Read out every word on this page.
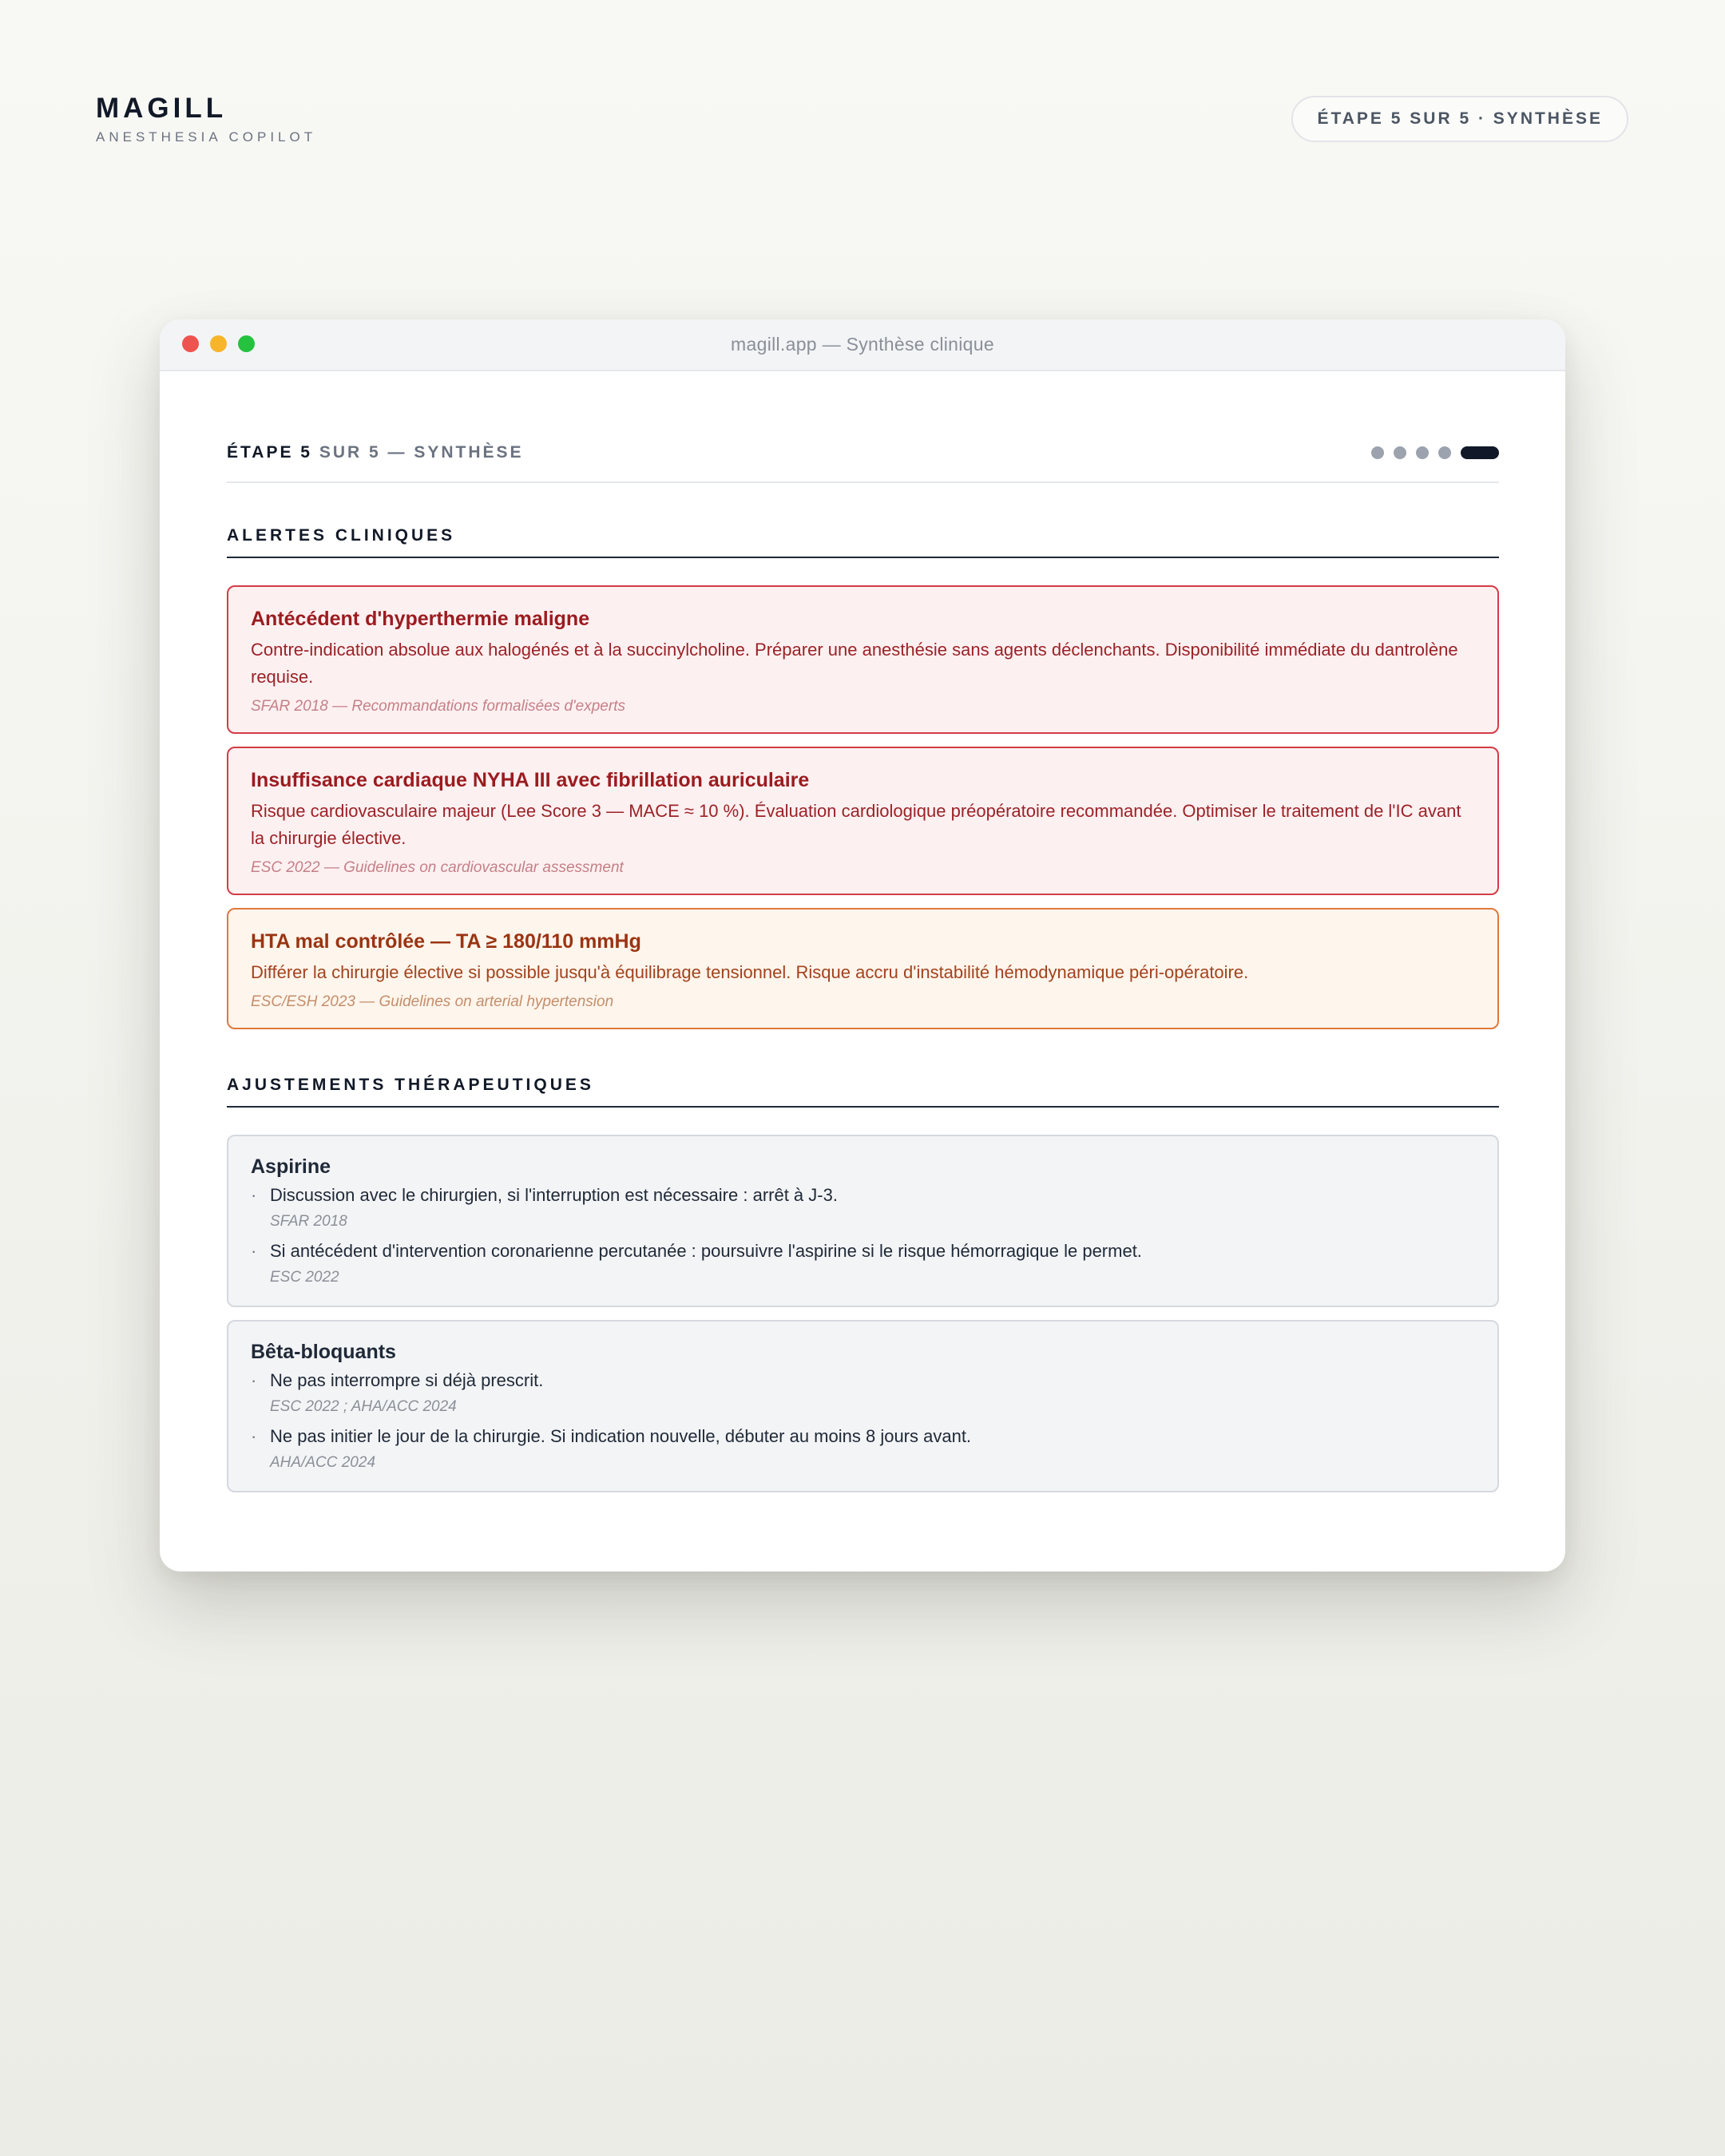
MAGILL
ANESTHESIA COPILOT
ÉTAPE 5 SUR 5 · SYNTHÈSE
magill.app — Synthèse clinique
ÉTAPE 5 SUR 5 — SYNTHÈSE
ALERTES CLINIQUES
Antécédent d'hyperthermie maligne
Contre-indication absolue aux halogénés et à la succinylcholine. Préparer une anesthésie sans agents déclenchants. Disponibilité immédiate du dantrolène requise.
SFAR 2018 — Recommandations formalisées d'experts
Insuffisance cardiaque NYHA III avec fibrillation auriculaire
Risque cardiovasculaire majeur (Lee Score 3 — MACE ≈ 10 %). Évaluation cardiologique préopératoire recommandée. Optimiser le traitement de l'IC avant la chirurgie élective.
ESC 2022 — Guidelines on cardiovascular assessment
HTA mal contrôlée — TA ≥ 180/110 mmHg
Différer la chirurgie élective si possible jusqu'à équilibrage tensionnel. Risque accru d'instabilité hémodynamique péri-opératoire.
ESC/ESH 2023 — Guidelines on arterial hypertension
AJUSTEMENTS THÉRAPEUTIQUES
Aspirine
· Discussion avec le chirurgien, si l'interruption est nécessaire : arrêt à J-3.
SFAR 2018
· Si antécédent d'intervention coronarienne percutanée : poursuivre l'aspirine si le risque hémorragique le permet.
ESC 2022
Bêta-bloquants
· Ne pas interrompre si déjà prescrit.
ESC 2022 ; AHA/ACC 2024
· Ne pas initier le jour de la chirurgie. Si indication nouvelle, débuter au moins 8 jours avant.
AHA/ACC 2024
